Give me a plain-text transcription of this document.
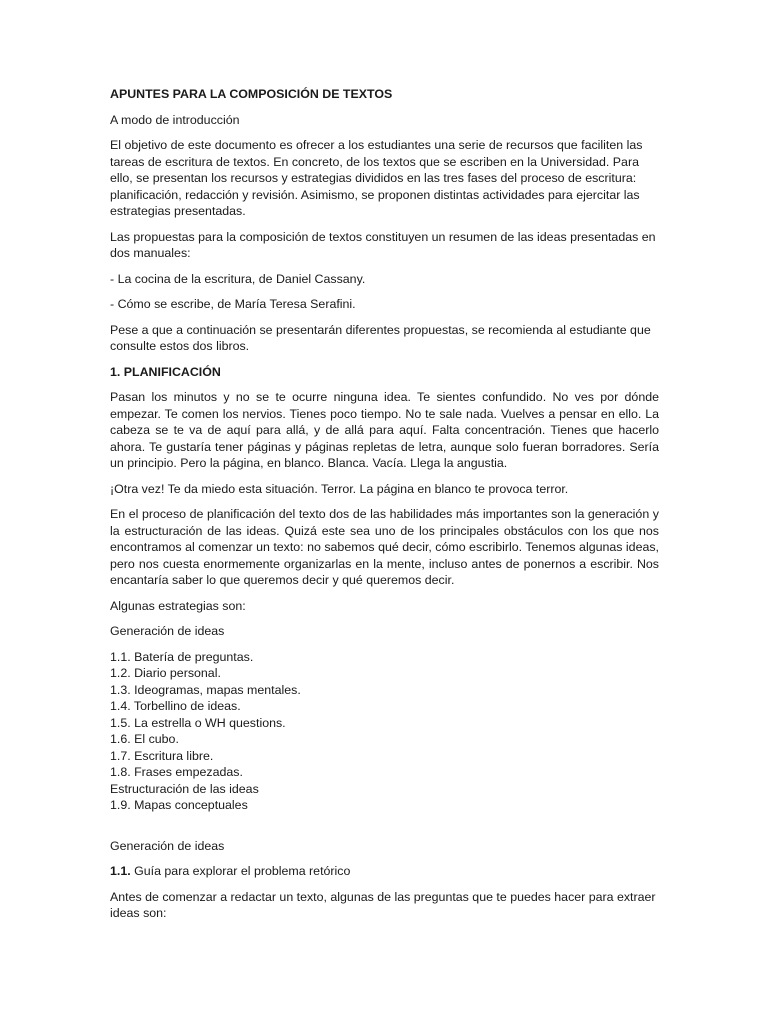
APUNTES PARA LA COMPOSICIÓN DE TEXTOS

A modo de introducción

El objetivo de este documento es ofrecer a los estudiantes una serie de recursos que faciliten las tareas de escritura de textos. En concreto, de los textos que se escriben en la Universidad. Para ello, se presentan los recursos y estrategias divididos en las tres fases del proceso de escritura: planificación, redacción y revisión. Asimismo, se proponen distintas actividades para ejercitar las estrategias presentadas.

Las propuestas para la composición de textos constituyen un resumen de las ideas presentadas en dos manuales:

- La cocina de la escritura, de Daniel Cassany.

- Cómo se escribe, de María Teresa Serafini.

Pese a que a continuación se presentarán diferentes propuestas, se recomienda al estudiante que consulte estos dos libros.

1. PLANIFICACIÓN

Pasan los minutos y no se te ocurre ninguna idea. Te sientes confundido. No ves por dónde empezar. Te comen los nervios. Tienes poco tiempo. No te sale nada. Vuelves a pensar en ello. La cabeza se te va de aquí para allá, y de allá para aquí. Falta concentración. Tienes que hacerlo ahora. Te gustaría tener páginas y páginas repletas de letra, aunque solo fueran borradores. Sería un principio. Pero la página, en blanco. Blanca. Vacía. Llega la angustia.

¡Otra vez! Te da miedo esta situación. Terror. La página en blanco te provoca terror.

En el proceso de planificación del texto dos de las habilidades más importantes son la generación y la estructuración de las ideas. Quizá este sea uno de los principales obstáculos con los que nos encontramos al comenzar un texto: no sabemos qué decir, cómo escribirlo. Tenemos algunas ideas, pero nos cuesta enormemente organizarlas en la mente, incluso antes de ponernos a escribir. Nos encantaría saber lo que queremos decir y qué queremos decir.

Algunas estrategias son:

Generación de ideas

1.1. Batería de preguntas.
1.2. Diario personal.
1.3. Ideogramas, mapas mentales.
1.4. Torbellino de ideas.
1.5. La estrella o WH questions.
1.6. El cubo.
1.7. Escritura libre.
1.8. Frases empezadas.
Estructuración de las ideas
1.9. Mapas conceptuales

Generación de ideas

1.1. Guía para explorar el problema retórico

Antes de comenzar a redactar un texto, algunas de las preguntas que te puedes hacer para extraer ideas son:
